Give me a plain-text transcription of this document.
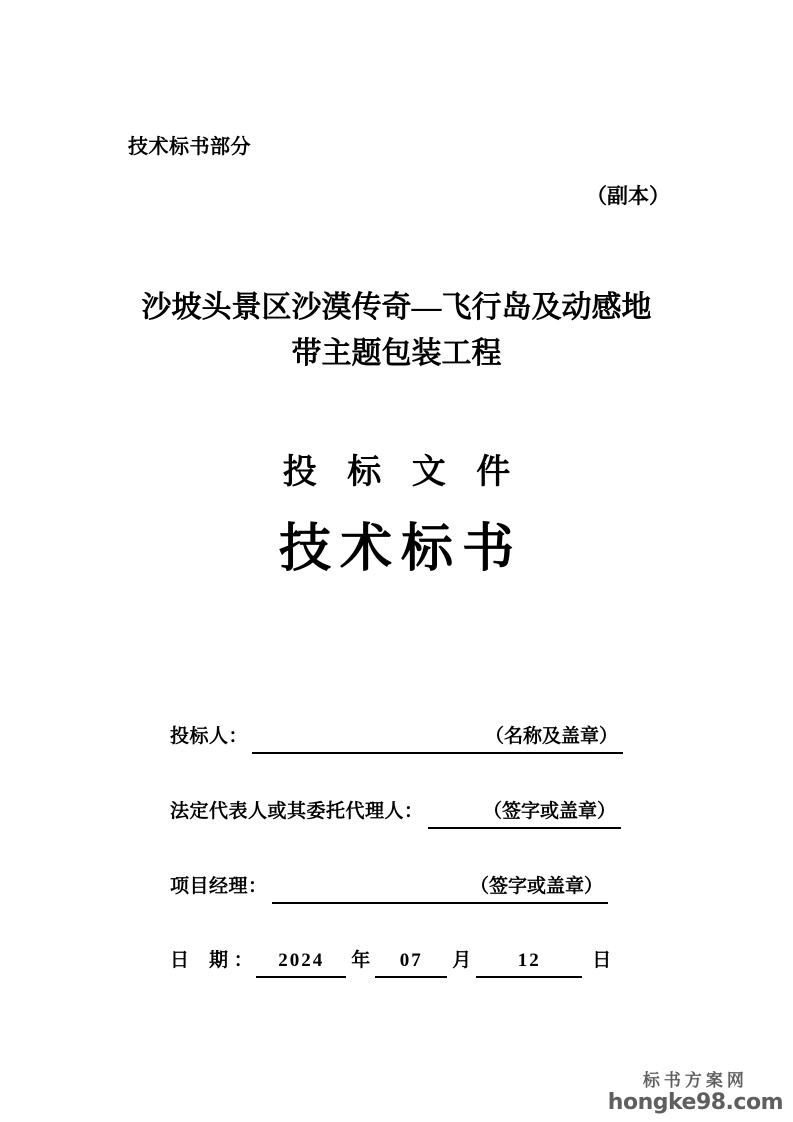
技术标书部分
（副本）
沙坡头景区沙漠传奇—飞行岛及动感地
带主题包装工程
投 标 文 件
技术标书
投标人：	（名称及盖章）
法定代表人或其委托代理人：	（签字或盖章）
项目经理：	（签字或盖章）
日　期 ： 2024 年 07 月 12	日
标书方案网
hongke98.com
